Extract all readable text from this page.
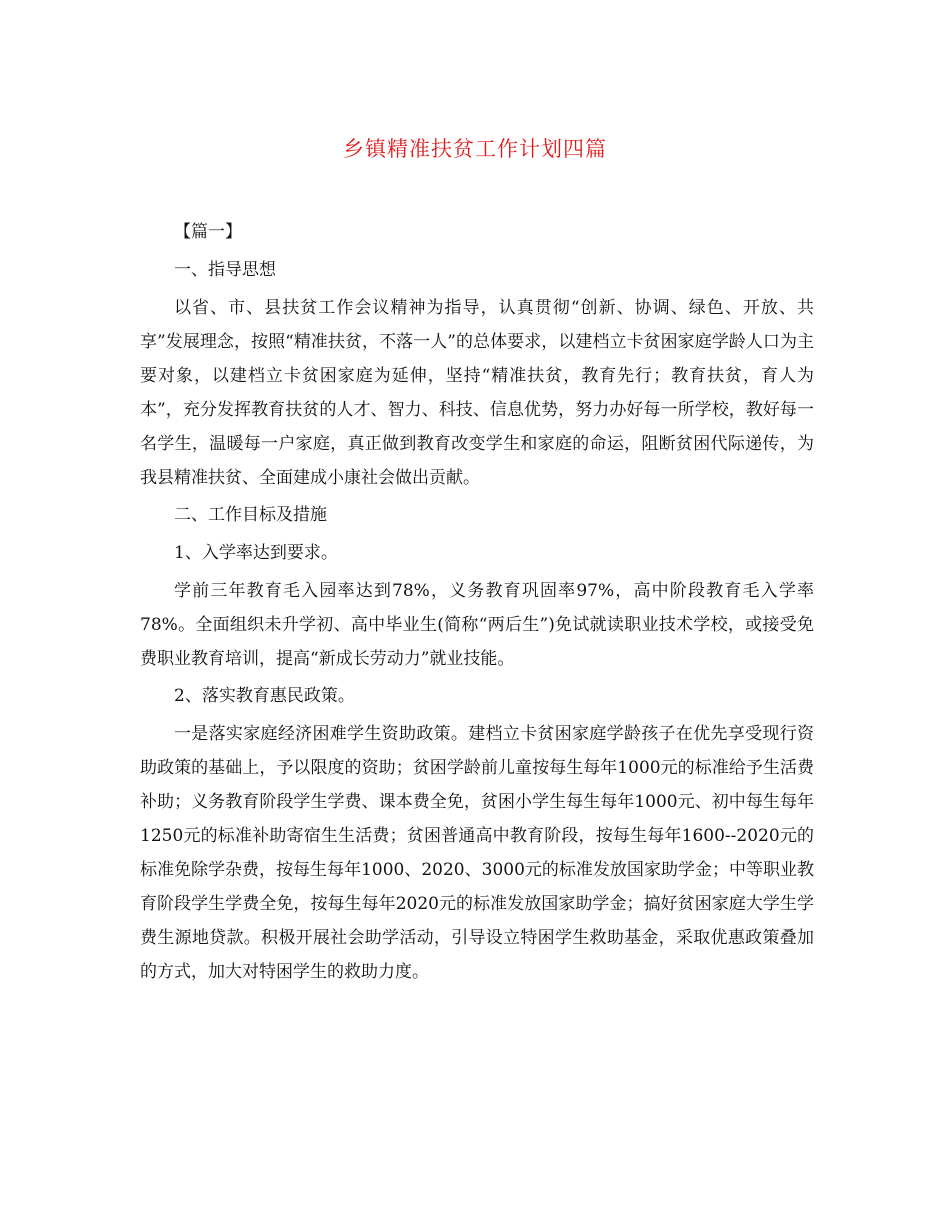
乡镇精准扶贫工作计划四篇

【篇一】

一、指导思想

以省、市、县扶贫工作会议精神为指导，认真贯彻“创新、协调、绿色、开放、共享”发展理念，按照“精准扶贫，不落一人”的总体要求，以建档立卡贫困家庭学龄人口为主要对象，以建档立卡贫困家庭为延伸，坚持“精准扶贫，教育先行；教育扶贫，育人为本”，充分发挥教育扶贫的人才、智力、科技、信息优势，努力办好每一所学校，教好每一名学生，温暖每一户家庭，真正做到教育改变学生和家庭的命运，阻断贫困代际递传，为我县精准扶贫、全面建成小康社会做出贡献。

二、工作目标及措施

1、入学率达到要求。

学前三年教育毛入园率达到78%，义务教育巩固率97%，高中阶段教育毛入学率78%。全面组织未升学初、高中毕业生(简称“两后生”)免试就读职业技术学校，或接受免费职业教育培训，提高“新成长劳动力”就业技能。

2、落实教育惠民政策。

一是落实家庭经济困难学生资助政策。建档立卡贫困家庭学龄孩子在优先享受现行资助政策的基础上，予以限度的资助；贫困学龄前儿童按每生每年1000元的标准给予生活费补助；义务教育阶段学生学费、课本费全免，贫困小学生每生每年1000元、初中每生每年1250元的标准补助寄宿生生活费；贫困普通高中教育阶段，按每生每年1600--2020元的标准免除学杂费，按每生每年1000、2020、3000元的标准发放国家助学金；中等职业教育阶段学生学费全免，按每生每年2020元的标准发放国家助学金；搞好贫困家庭大学生学费生源地贷款。积极开展社会助学活动，引导设立特困学生救助基金，采取优惠政策叠加的方式，加大对特困学生的救助力度。
